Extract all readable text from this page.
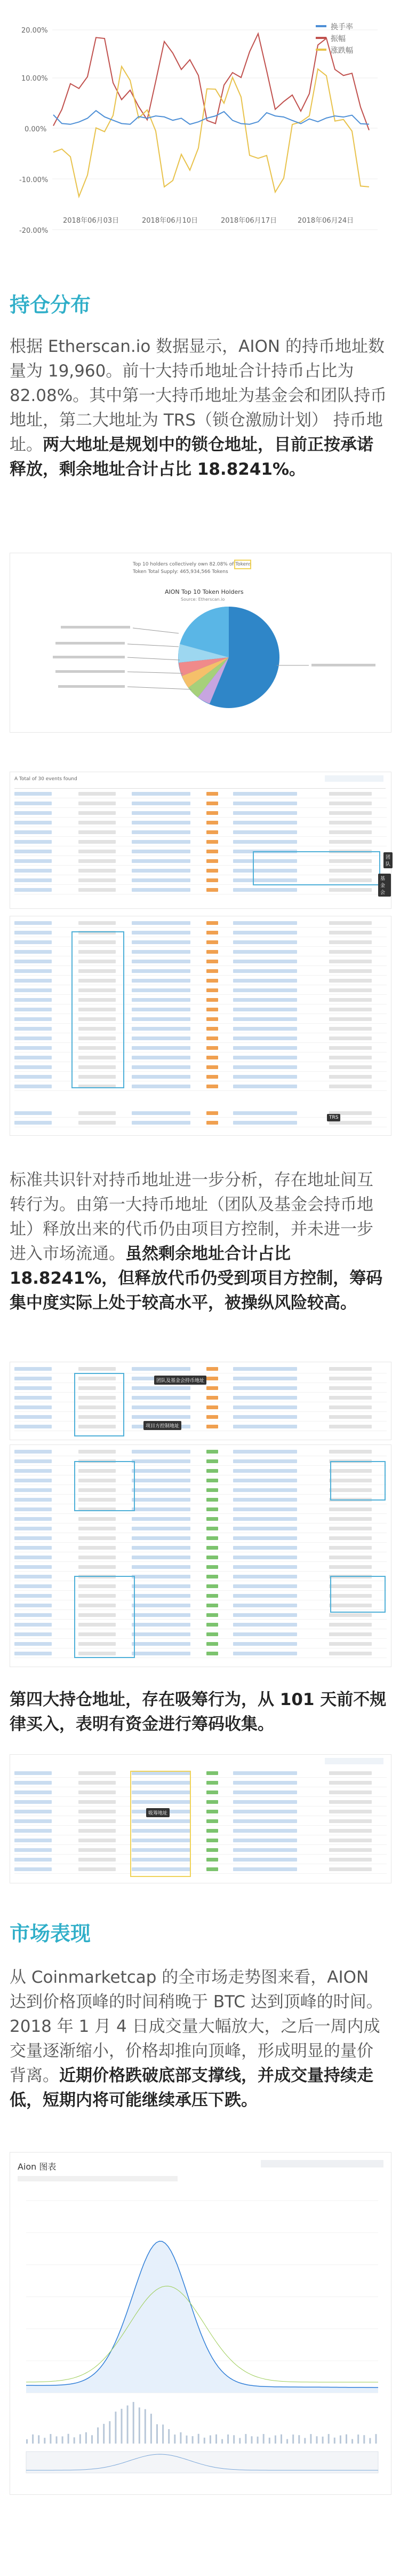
换手率
振幅
涨跌幅
20.00%
10.00%
0.00%
-10.00%
-20.00%
2018年06月03日	2018年06月10日	2018年06月17日	2018年06月24日
持仓分布
根据 Etherscan.io 数据显示，AION 的持币地址数量为 19,960。前十大持币地址合计持币占比为 82.08%。其中第一大持币地址为基金会和团队持币地址，第二大地址为 TRS（锁仓激励计划） 持币地址。两大地址是规划中的锁仓地址，目前正按承诺释放，剩余地址合计占比 18.8241%。
Top 10 holders collectively own 82.08% of Tokens
Token Total Supply: 465,934,566 Tokens
AION Top 10 Token Holders
Source: Etherscan.io
A Total of 30 events found
团队
基金会
TRS
标准共识针对持币地址进一步分析，存在地址间互转行为。由第一大持币地址（团队及基金会持币地址）释放出来的代币仍由项目方控制，并未进一步进入市场流通。虽然剩余地址合计占比 18.8241%，但释放代币仍受到项目方控制，筹码集中度实际上处于较高水平，被操纵风险较高。
团队及基金会持币地址
项目方控制地址
第四大持仓地址，存在吸筹行为，从 101 天前不规律买入，表明有资金进行筹码收集。
吸筹地址
市场表现
从 Coinmarketcap 的全市场走势图来看，AION 达到价格顶峰的时间稍晚于 BTC 达到顶峰的时间。2018 年 1 月 4 日成交量大幅放大，之后一周内成交量逐渐缩小，价格却推向顶峰，形成明显的量价背离。近期价格跌破底部支撑线，并成交量持续走低，短期内将可能继续承压下跌。
Aion 图表
